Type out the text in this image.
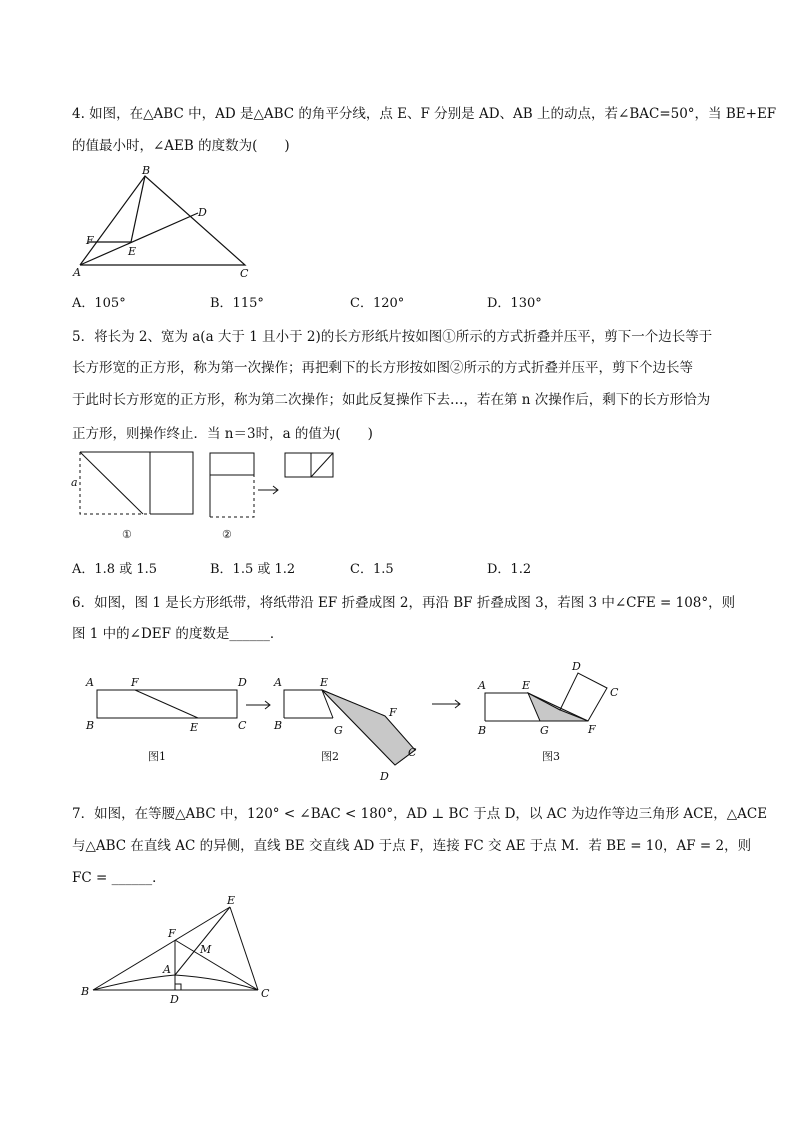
4. 如图，在△ABC 中，AD 是△ABC 的角平分线，点 E、F 分别是 AD、AB 上的动点，若∠BAC=50°，当 BE+EF
的值最小时，∠AEB 的度数为(　　)
A
B
C
D
E
F
a
①	②
A	F	D
B	E	C
图1
A	E
F
B	G
C
D
图2
A	E
D
C
F
B	G
图3
F
E
M
A
B	C
D
A．105°	B．115°	C．120°	D．130°
5．将长为 2、宽为 a(a 大于 1 且小于 2)的长方形纸片按如图①所示的方式折叠并压平，剪下一个边长等于
长方形宽的正方形，称为第一次操作；再把剩下的长方形按如图②所示的方式折叠并压平，剪下个边长等
于此时长方形宽的正方形，称为第二次操作；如此反复操作下去…，若在第 n 次操作后，剩下的长方形恰为
正方形，则操作终止．当 n＝3时，a 的值为(　　)
A．1.8 或 1.5	B．1.5 或 1.2	C．1.5	D．1.2
6．如图，图 1 是长方形纸带，将纸带沿 EF 折叠成图 2，再沿 BF 折叠成图 3，若图 3 中∠CFE = 108°，则
图 1 中的∠DEF 的度数是______．
7．如图，在等腰△ABC 中，120° < ∠BAC < 180°，AD ⊥ BC 于点 D，以 AC 为边作等边三角形 ACE，△ACE
与△ABC 在直线 AC 的异侧，直线 BE 交直线 AD 于点 F，连接 FC 交 AE 于点 M．若 BE = 10，AF = 2，则
FC = ______．
